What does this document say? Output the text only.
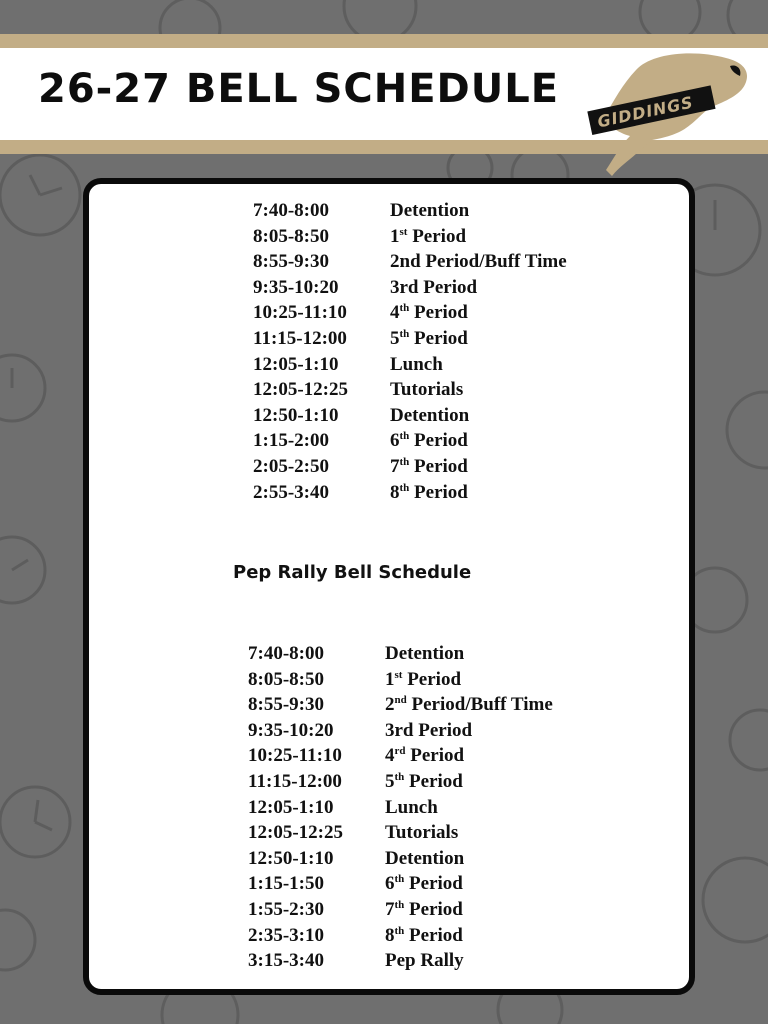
26-27 BELL SCHEDULE GIDDINGS
7:40-8:00	Detention
8:05-8:50	1st Period
8:55-9:30	2nd Period/Buff Time
9:35-10:20	3rd Period
10:25-11:10 4th Period
11:15-12:00 5th Period
12:05-1:10	Lunch
12:05-12:25 Tutorials
12:50-1:10	Detention
1:15-2:00	6th Period
2:05-2:50	7th Period
2:55-3:40	8th Period
Pep Rally Bell Schedule
7:40-8:00	Detention
8:05-8:50	1st Period
8:55-9:30	2nd Period/Buff Time
9:35-10:20	3rd Period
10:25-11:10 4rd Period
11:15-12:00 5th Period
12:05-1:10	Lunch
12:05-12:25 Tutorials
12:50-1:10	Detention
1:15-1:50	6th Period
1:55-2:30	7th Period
2:35-3:10	8th Period
3:15-3:40	Pep Rally
